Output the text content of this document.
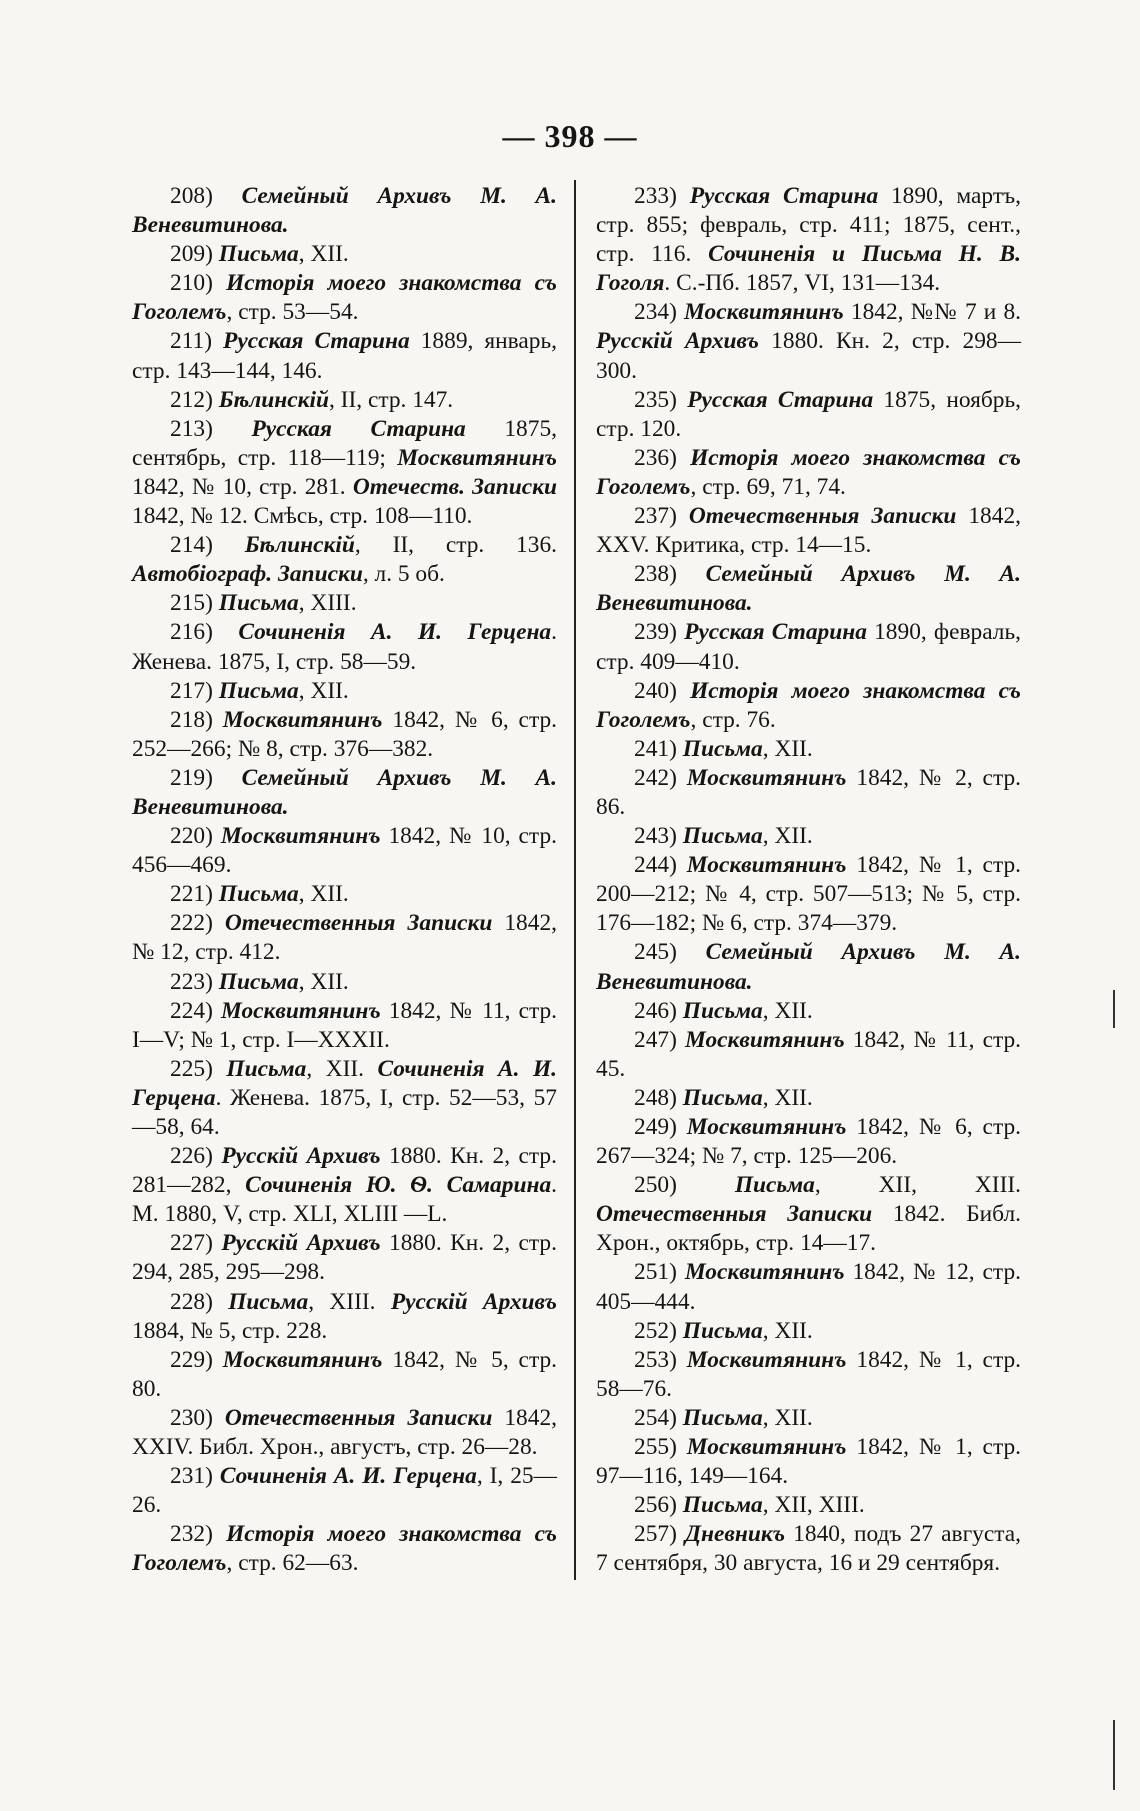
— 398 —

208) Семейный Архивъ М. А. Веневитинова.

209) Письма, XII.

210) Исторія моего знакомства съ Гоголемъ, стр. 53—54.

211) Русская Старина 1889, январь, стр. 143—144, 146.

212) Бѣлинскій, II, стр. 147.

213) Русская Старина 1875, сентябрь, стр. 118—119; Москвитянинъ 1842, № 10, стр. 281. Отечеств. Записки 1842, № 12. Смѣсь, стр. 108—110.

214) Бѣлинскій, II, стр. 136. Автобіограф. Записки, л. 5 об.

215) Письма, XIII.

216) Сочиненія А. И. Герцена. Женева. 1875, I, стр. 58—59.

217) Письма, XII.

218) Москвитянинъ 1842, № 6, стр. 252—266; № 8, стр. 376—382.

219) Семейный Архивъ М. А. Веневитинова.

220) Москвитянинъ 1842, № 10, стр. 456—469.

221) Письма, XII.

222) Отечественныя Записки 1842, № 12, стр. 412.

223) Письма, XII.

224) Москвитянинъ 1842, № 11, стр. I—V; № 1, стр. I—XXXII.

225) Письма, XII. Сочиненія А. И. Герцена. Женева. 1875, I, стр. 52—53, 57—58, 64.

226) Русскій Архивъ 1880. Кн. 2, стр. 281—282, Сочиненія Ю. Ѳ. Самарина. М. 1880, V, стр. XLI, XLIII —L.

227) Русскій Архивъ 1880. Кн. 2, стр. 294, 285, 295—298.

228) Письма, XIII. Русскій Архивъ 1884, № 5, стр. 228.

229) Москвитянинъ 1842, № 5, стр. 80.

230) Отечественныя Записки 1842, XXIV. Библ. Хрон., августъ, стр. 26—28.

231) Сочиненія А. И. Герцена, I, 25—26.

232) Исторія моего знакомства съ Гоголемъ, стр. 62—63.

233) Русская Старина 1890, мартъ, стр. 855; февраль, стр. 411; 1875, сент., стр. 116. Сочиненія и Письма Н. В. Гоголя. С.-Пб. 1857, VI, 131—134.

234) Москвитянинъ 1842, №№ 7 и 8. Русскій Архивъ 1880. Кн. 2, стр. 298—300.

235) Русская Старина 1875, ноябрь, стр. 120.

236) Исторія моего знакомства съ Гоголемъ, стр. 69, 71, 74.

237) Отечественныя Записки 1842, XXV. Критика, стр. 14—15.

238) Семейный Архивъ М. А. Веневитинова.

239) Русская Старина 1890, февраль, стр. 409—410.

240) Исторія моего знакомства съ Гоголемъ, стр. 76.

241) Письма, XII.

242) Москвитянинъ 1842, № 2, стр. 86.

243) Письма, XII.

244) Москвитянинъ 1842, № 1, стр. 200—212; № 4, стр. 507—513; № 5, стр. 176—182; № 6, стр. 374—379.

245) Семейный Архивъ М. А. Веневитинова.

246) Письма, XII.

247) Москвитянинъ 1842, № 11, стр. 45.

248) Письма, XII.

249) Москвитянинъ 1842, № 6, стр. 267—324; № 7, стр. 125—206.

250) Письма, XII, XIII. Отечественныя Записки 1842. Библ. Хрон., октябрь, стр. 14—17.

251) Москвитянинъ 1842, № 12, стр. 405—444.

252) Письма, XII.

253) Москвитянинъ 1842, № 1, стр. 58—76.

254) Письма, XII.

255) Москвитянинъ 1842, № 1, стр. 97—116, 149—164.

256) Письма, XII, XIII.

257) Дневникъ 1840, подъ 27 августа, 7 сентября, 30 августа, 16 и 29 сентября.
